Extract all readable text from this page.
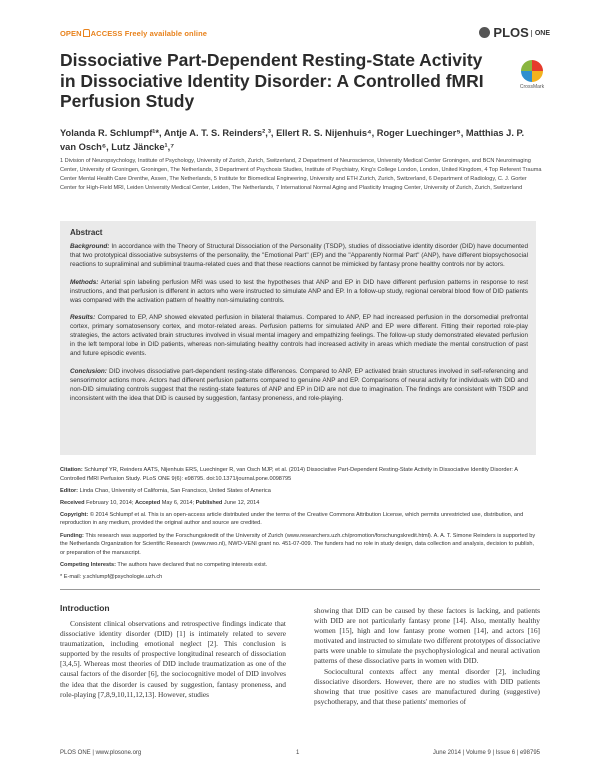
OPEN ACCESS Freely available online	PLOS ONE
Dissociative Part-Dependent Resting-State Activity in Dissociative Identity Disorder: A Controlled fMRI Perfusion Study
CrossMark
Yolanda R. Schlumpf¹*, Antje A. T. S. Reinders²,³, Ellert R. S. Nijenhuis⁴, Roger Luechinger⁵, Matthias J. P. van Osch⁶, Lutz Jäncke¹,⁷
1 Division of Neuropsychology, Institute of Psychology, University of Zurich, Zurich, Switzerland, 2 Department of Neuroscience, University Medical Center Groningen, and BCN Neuroimaging Center, University of Groningen, Groningen, The Netherlands, 3 Department of Psychosis Studies, Institute of Psychiatry, King's College London, London, United Kingdom, 4 Top Referent Trauma Center Mental Health Care Drenthe, Assen, The Netherlands, 5 Institute for Biomedical Engineering, University and ETH Zurich, Zurich, Switzerland, 6 Department of Radiology, C. J. Gorter Center for High-Field MRI, Leiden University Medical Center, Leiden, The Netherlands, 7 International Normal Aging and Plasticity Imaging Center, University of Zurich, Zurich, Switzerland
Abstract

Background: In accordance with the Theory of Structural Dissociation of the Personality (TSDP), studies of dissociative identity disorder (DID) have documented that two prototypical dissociative subsystems of the personality, the "Emotional Part" (EP) and the "Apparently Normal Part" (ANP), have different biopsychosocial reactions to supraliminal and subliminal trauma-related cues and that these reactions cannot be mimicked by fantasy prone healthy controls nor by actors.

Methods: Arterial spin labeling perfusion MRI was used to test the hypotheses that ANP and EP in DID have different perfusion patterns in response to rest instructions, and that perfusion is different in actors who were instructed to simulate ANP and EP. In a follow-up study, regional cerebral blood flow of DID patients was compared with the activation pattern of healthy non-simulating controls.

Results: Compared to EP, ANP showed elevated perfusion in bilateral thalamus. Compared to ANP, EP had increased perfusion in the dorsomedial prefrontal cortex, primary somatosensory cortex, and motor-related areas. Perfusion patterns for simulated ANP and EP were different. Fitting their reported role-play strategies, the actors activated brain structures involved in visual mental imagery and empathizing feelings. The follow-up study demonstrated elevated perfusion in the left temporal lobe in DID patients, whereas non-simulating healthy controls had increased activity in areas which mediate the mental construction of past and future episodic events.

Conclusion: DID involves dissociative part-dependent resting-state differences. Compared to ANP, EP activated brain structures involved in self-referencing and sensorimotor actions more. Actors had different perfusion patterns compared to genuine ANP and EP. Comparisons of neural activity for individuals with DID and non-DID simulating controls suggest that the resting-state features of ANP and EP in DID are not due to imagination. The findings are consistent with TSDP and inconsistent with the idea that DID is caused by suggestion, fantasy proneness, and role-playing.

Citation: Schlumpf YR, Reinders AATS, Nijenhuis ERS, Luechinger R, van Osch MJP, et al. (2014) Dissociative Part-Dependent Resting-State Activity in Dissociative Identity Disorder: A Controlled fMRI Perfusion Study. PLoS ONE 9(6): e98795. doi:10.1371/journal.pone.0098795

Editor: Linda Chao, University of California, San Francisco, United States of America

Received February 10, 2014; Accepted May 6, 2014; Published June 12, 2014

Copyright: © 2014 Schlumpf et al. This is an open-access article distributed under the terms of the Creative Commons Attribution License, which permits unrestricted use, distribution, and reproduction in any medium, provided the original author and source are credited.

Funding: This research was supported by the Forschungskredit of the University of Zurich (www.researchers.uzh.ch/promotion/forschungskredit.html). A. A. T. Simone Reinders is supported by the Netherlands Organization for Scientific Research (www.nwo.nl), NWO-VENI grant no. 451-07-009. The funders had no role in study design, data collection and analysis, decision to publish, or preparation of the manuscript.

Competing Interests: The authors have declared that no competing interests exist.

* E-mail: y.schlumpf@psychologie.uzh.ch

Introduction

Consistent clinical observations and retrospective findings indicate that dissociative identity disorder (DID) [1] is intimately related to severe traumatization, including emotional neglect [2]. This conclusion is supported by the results of prospective longitudinal research of dissociation [3,4,5]. Whereas most theories of DID include traumatization as one of the causal factors of the disorder [6], the sociocognitive model of DID involves the idea that the disorder is caused by suggestion, fantasy proneness, and role-playing [7,8,9,10,11,12,13]. However, studies

showing that DID can be caused by these factors is lacking, and patients with DID are not particularly fantasy prone [14]. Also, mentally healthy women [15], high and low fantasy prone women [14], and actors [16] motivated and instructed to simulate two different prototypes of dissociative parts were unable to simulate the psychophysiological and neural activation patterns of these dissociative parts in women with DID.

Sociocultural contexts affect any mental disorder [2], including dissociative disorders. However, there are no studies with DID patients showing that true positive cases are manufactured during (suggestive) psychotherapy, and that these patients' memories of

PLOS ONE | www.plosone.org	1	June 2014 | Volume 9 | Issue 6 | e98795
